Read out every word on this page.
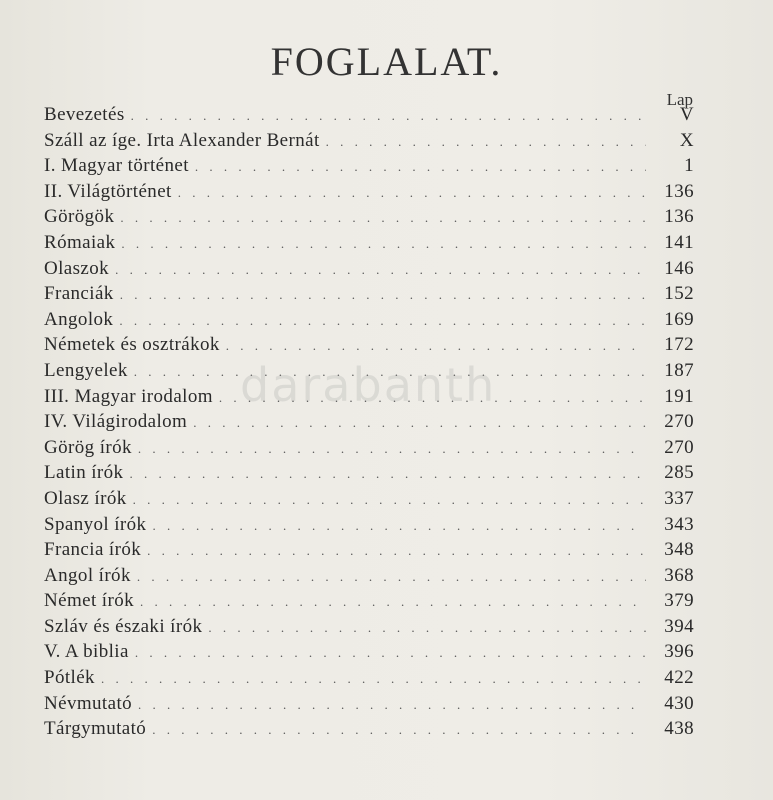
FOGLALAT.
Lap
Bevezetés . . .	V
Száll az íge. Irta Alexander Bernát . . .	X
I. Magyar történet . . .	1
II. Világtörténet . . .	136
Görögök . . .	136
Rómaiak . . .	141
Olaszok . . .	146
Franciák . . .	152
Angolok . . .	169
Németek és osztrákok . . .	172
Lengyelek . . .	187
III. Magyar irodalom . . .	191
IV. Világirodalom . . .	270
Görög írók . . .	270
Latin írók . . .	285
Olasz írók . . .	337
Spanyol írók . . .	343
Francia írók . . .	348
Angol írók . . .	368
Német írók . . .	379
Szláv és északi írók . . .	394
V. A biblia . . .	396
Pótlék . . .	422
Névmutató . . .	430
Tárgymutató . . .	438
darabanth
